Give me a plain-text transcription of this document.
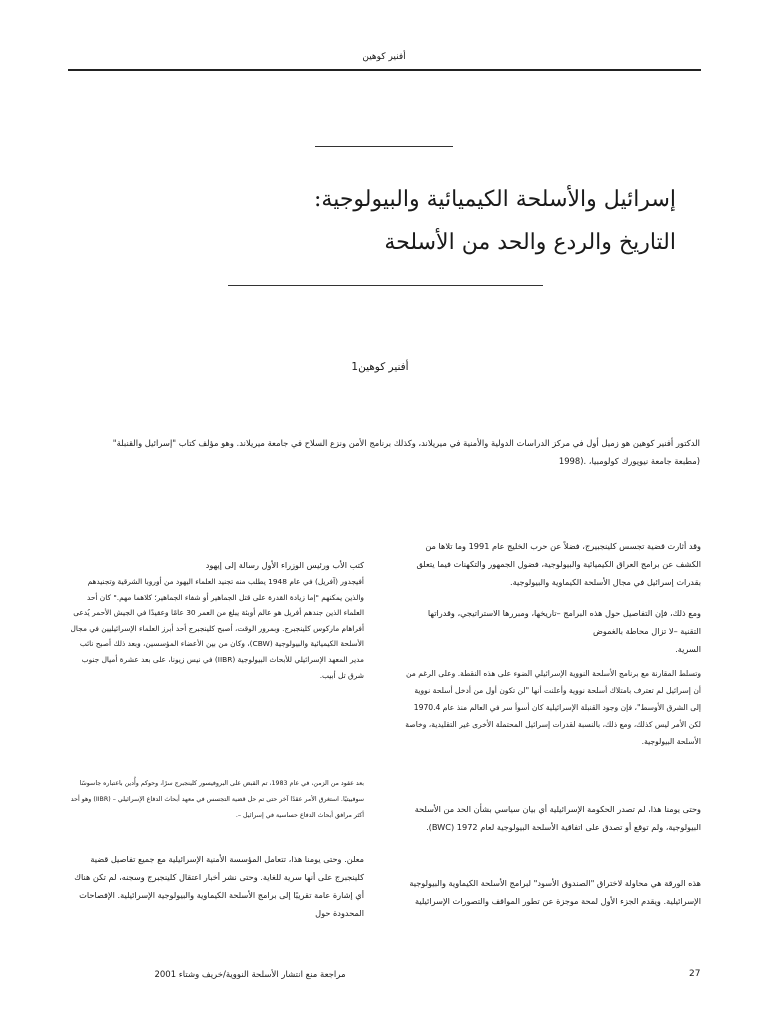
أفنير كوهين
إسرائيل والأسلحة الكيميائية والبيولوجية:
التاريخ والردع والحد من الأسلحة
أفنير كوهين1
الدكتور أفنير كوهين هو زميل أول في مركز الدراسات الدولية والأمنية في ميريلاند، وكذلك برنامج الأمن ونزع السلاح في جامعة ميريلاند. وهو مؤلف كتاب "إسرائيل والقنبلة" (مطبعة جامعة نيويورك كولومبيا، .(1998

وقد أثارت قضية تجسس كلينجبيرج، فضلاً عن حرب الخليج عام 1991 وما تلاها من الكشف عن برامج العراق الكيميائية والبيولوجية، فضول الجمهور والتكهنات فيما يتعلق بقدرات إسرائيل في مجال الأسلحة الكيماوية والبيولوجية.

ومع ذلك، فإن التفاصيل حول هذه البرامج –تاريخها، ومبررها الاستراتيجي، وقدراتها التقنية –لا تزال محاطة بالغموض

السرية.

وتسلط المقارنة مع برنامج الأسلحة النووية الإسرائيلي الضوء على هذه النقطة. وعلى الرغم من أن إسرائيل لم تعترف بامتلاك أسلحة نووية وأعلنت أنها "لن تكون أول من أدخل أسلحة نووية إلى الشرق الأوسط"، فإن وجود القنبلة الإسرائيلية كان أسوأ سر في العالم منذ عام 1970.4 لكن الأمر ليس كذلك، ومع ذلك، بالنسبة لقدرات إسرائيل المحتملة الأخرى غير التقليدية، وخاصة الأسلحة البيولوجية.

وحتى يومنا هذا، لم تصدر الحكومة الإسرائيلية أي بيان سياسي بشأن الحد من الأسلحة البيولوجية، ولم توقع أو تصدق على اتفاقية الأسلحة البيولوجية لعام 1972 (BWC).

هذه الورقة هي محاولة لاختراق "الصندوق الأسود" لبرامج الأسلحة الكيماوية والبيولوجية الإسرائيلية. ويقدم الجزء الأول لمحة موجزة عن تطور المواقف والتصورات الإسرائيلية

كتب الأب ورئيس الوزراء الأول رسالة إلى إيهود

أفيجدور (آفريل) في عام 1948 يطلب منه تجنيد العلماء اليهود من أوروبا الشرقية وتجنيدهم والذين يمكنهم "إما زيادة القدرة على قتل الجماهير أو شفاء الجماهير؛ كلاهما مهم." كان أحد العلماء الذين جندهم أفريل هو عالم أوبئة يبلغ من العمر 30 عامًا وعقيدًا في الجيش الأحمر يُدعى أفراهام ماركوس كلينجبرج. وبمرور الوقت، أصبح كلينجبرج أحد أبرز العلماء الإسرائيليين في مجال الأسلحة الكيميائية والبيولوجية (CBW)، وكان من بين الأعضاء المؤسسين، وبعد ذلك أصبح نائب مدير المعهد الإسرائيلي للأبحاث البيولوجية (IIBR) في نيس زيونا، على بعد عشرة أميال جنوب شرق تل أبيب.

بعد عقود من الزمن، في عام 1983، تم القبض على البروفيسور كلينجبرج سرًا، وحوكم وأُدين باعتباره جاسوسًا سوفييتيًا. استغرق الأمر عقدًا آخر حتى تم حل قضية التجسس في معهد أبحاث الدفاع الإسرائيلي – (IIBR) وهو أحد أكثر مرافق أبحاث الدفاع حساسية في إسرائيل –.

معلن. وحتى يومنا هذا، تتعامل المؤسسة الأمنية الإسرائيلية مع جميع تفاصيل قضية كلينجبرج على أنها سرية للغاية. وحتى نشر أخبار اعتقال كلينجبرج وسجنه، لم تكن هناك أي إشارة عامة تقريبًا إلى برامج الأسلحة الكيماوية والبيولوجية الإسرائيلية. الإفصاحات المحدودة حول

27
مراجعة منع انتشار الأسلحة النووية/خريف وشتاء 2001
